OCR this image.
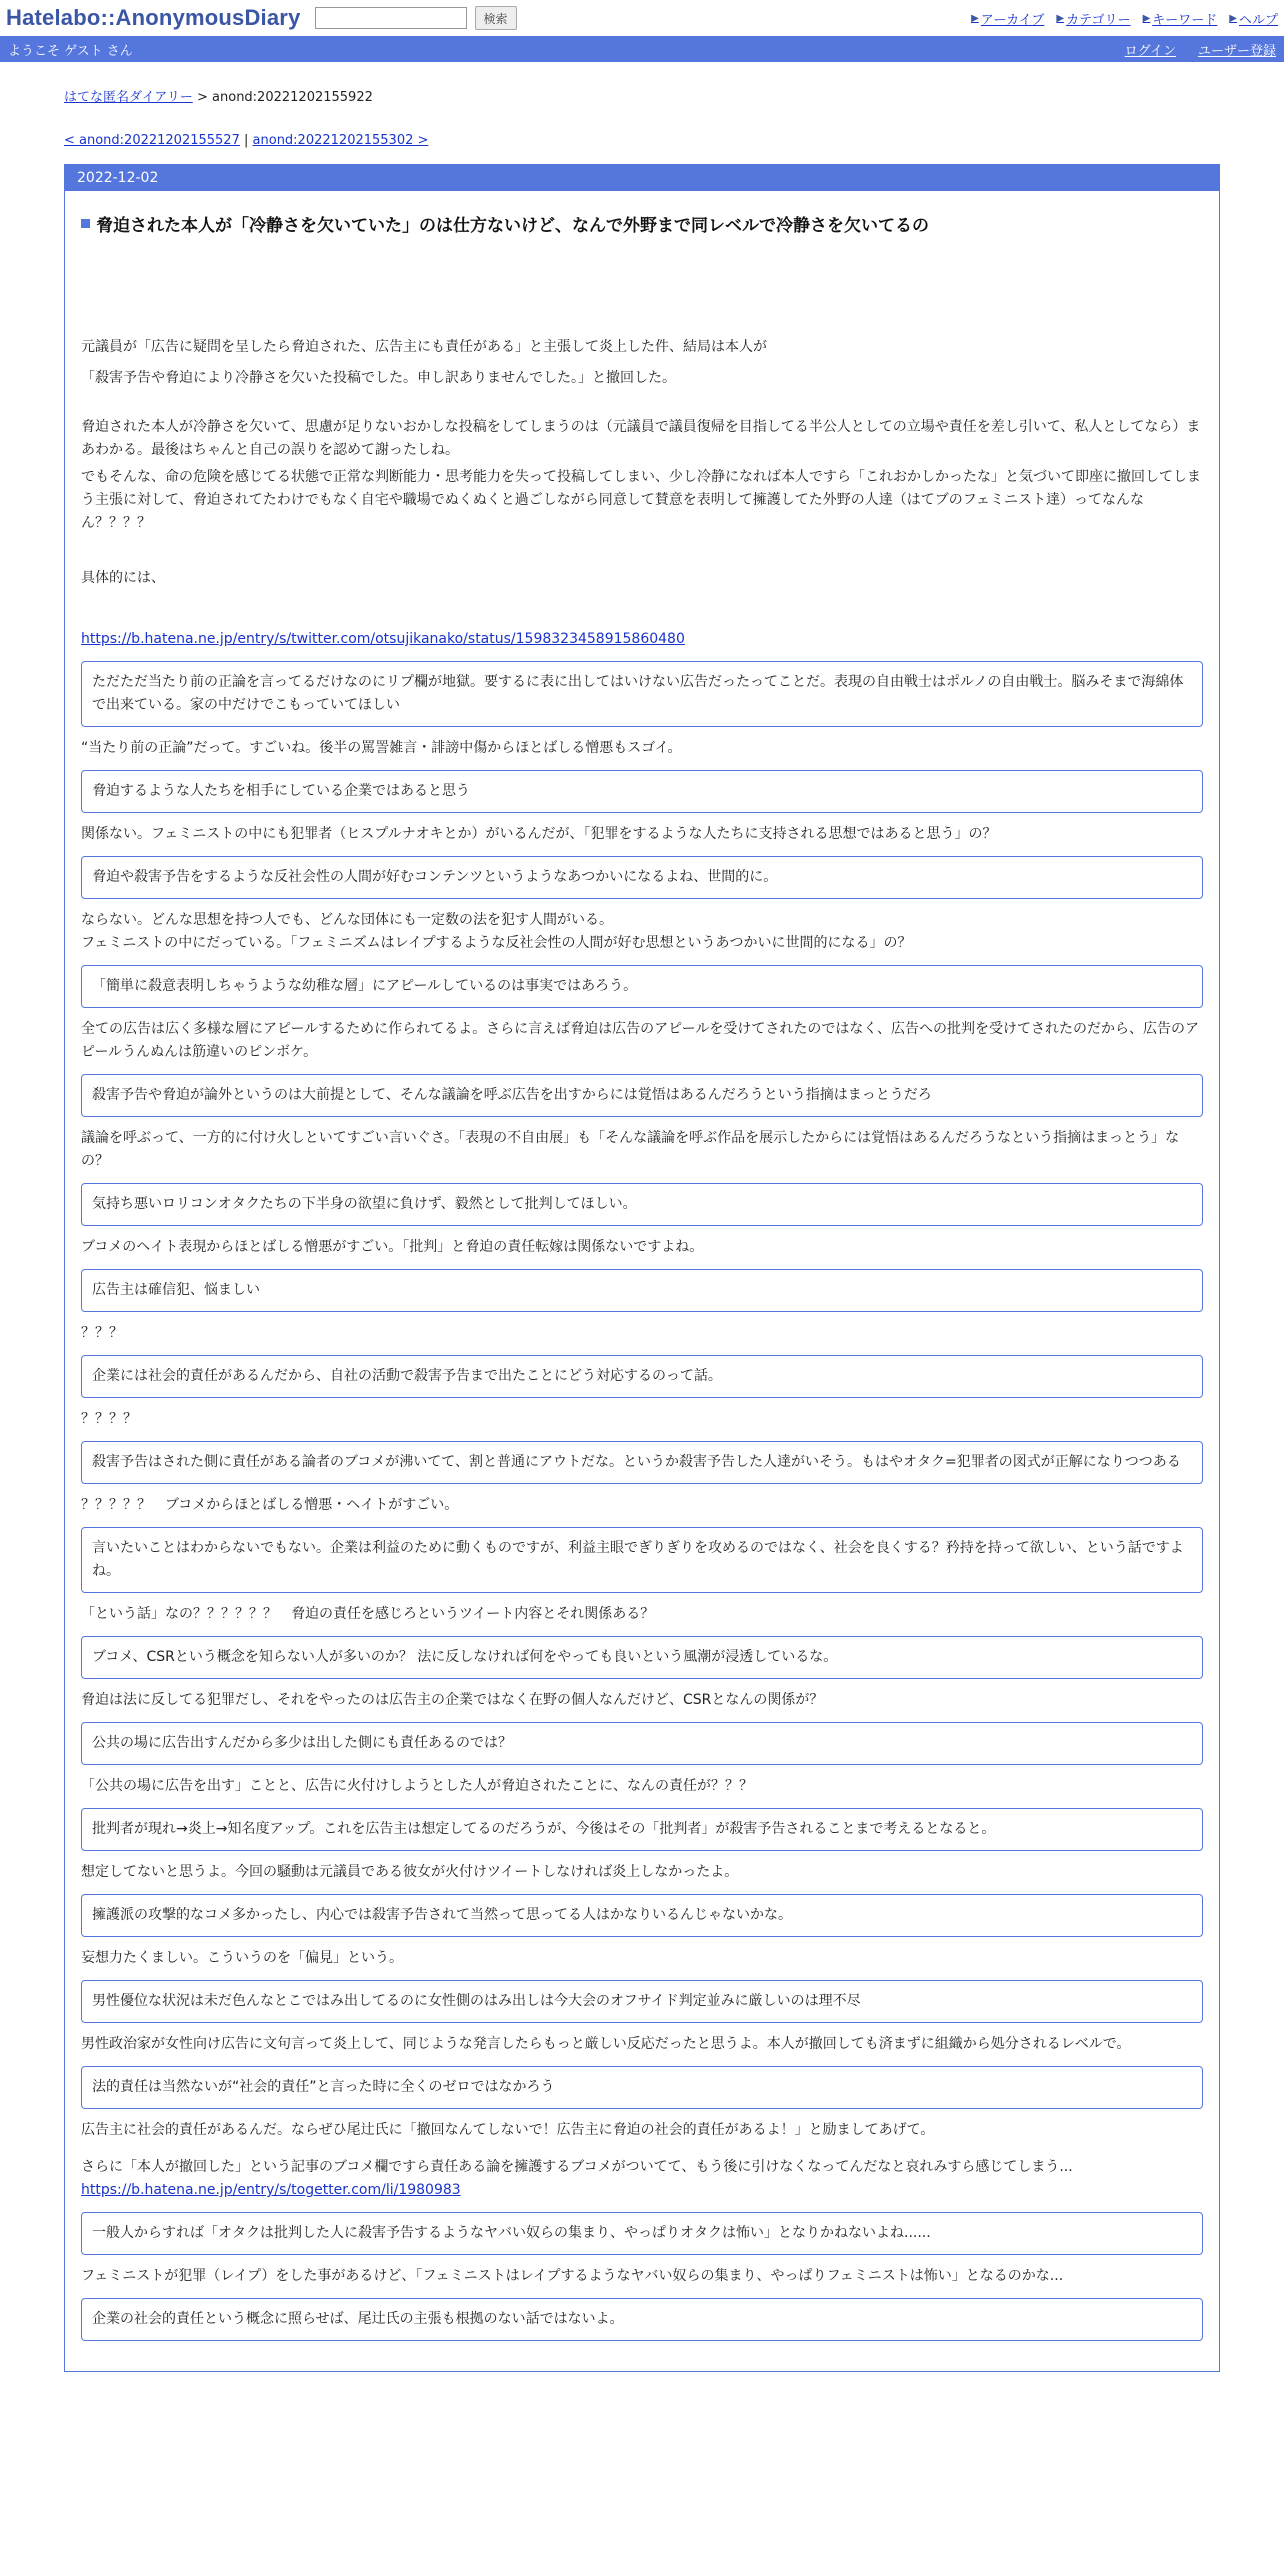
Hatelabo::AnonymousDiary	検索	▶ アーカイブ ▶ カテゴリー ▶ キーワード ▶ ヘルプ
ようこそ ゲスト さん	ログイン ユーザー登録
はてな匿名ダイアリー > anond:20221202155922
< anond:20221202155527 | anond:20221202155302 >
2022-12-02
脅迫された本人が「冷静さを欠いていた」のは仕方ないけど、なんで外野まで同レベルで冷静さを欠いてるの

元議員が「広告に疑問を呈したら脅迫された、広告主にも責任がある」と主張して炎上した件、結局は本人が

「殺害予告や脅迫により冷静さを欠いた投稿でした。申し訳ありませんでした。」と撤回した。

脅迫された本人が冷静さを欠いて、思慮が足りないおかしな投稿をしてしまうのは（元議員で議員復帰を目指してる半公人としての立場や責任を差し引いて、私人としてなら）まあわかる。最後はちゃんと自己の誤りを認めて謝ったしね。

でもそんな、命の危険を感じてる状態で正常な判断能力・思考能力を失って投稿してしまい、少し冷静になれば本人ですら「これおかしかったな」と気づいて即座に撤回してしまう主張に対して、脅迫されてたわけでもなく自宅や職場でぬくぬくと過ごしながら同意して賛意を表明して擁護してた外野の人達（はてブのフェミニスト達）ってなんなん？？？？

具体的には、

https://b.hatena.ne.jp/entry/s/twitter.com/otsujikanako/status/1598323458915860480
ただただ当たり前の正論を言ってるだけなのにリプ欄が地獄。要するに表に出してはいけない広告だったってことだ。表現の自由戦士はポルノの自由戦士。脳みそまで海綿体で出来ている。家の中だけでこもっていてほしい

“当たり前の正論”だって。すごいね。後半の罵詈雑言・誹謗中傷からほとばしる憎悪もスゴイ。

脅迫するような人たちを相手にしている企業ではあると思う

関係ない。フェミニストの中にも犯罪者（ヒスプルナオキとか）がいるんだが、「犯罪をするような人たちに支持される思想ではあると思う」の？

脅迫や殺害予告をするような反社会性の人間が好むコンテンツというようなあつかいになるよね、世間的に。

ならない。どんな思想を持つ人でも、どんな団体にも一定数の法を犯す人間がいる。

フェミニストの中にだっている。「フェミニズムはレイプするような反社会性の人間が好む思想というあつかいに世間的になる」の？

「簡単に殺意表明しちゃうような幼稚な層」にアピールしているのは事実ではあろう。

全ての広告は広く多様な層にアピールするために作られてるよ。さらに言えば脅迫は広告のアピールを受けてされたのではなく、広告への批判を受けてされたのだから、広告のアピールうんぬんは筋違いのピンボケ。

殺害予告や脅迫が論外というのは大前提として、そんな議論を呼ぶ広告を出すからには覚悟はあるんだろうという指摘はまっとうだろ

議論を呼ぶって、一方的に付け火しといてすごい言いぐさ。「表現の不自由展」も「そんな議論を呼ぶ作品を展示したからには覚悟はあるんだろうなという指摘はまっとう」なの？

気持ち悪いロリコンオタクたちの下半身の欲望に負けず、毅然として批判してほしい。

ブコメのヘイト表現からほとばしる憎悪がすごい。「批判」と脅迫の責任転嫁は関係ないですよね。

広告主は確信犯、悩ましい

？？？

企業には社会的責任があるんだから、自社の活動で殺害予告まで出たことにどう対応するのって話。

？？？？

殺害予告はされた側に責任がある論者のブコメが沸いてて、割と普通にアウトだな。というか殺害予告した人達がいそう。もはやオタク=犯罪者の図式が正解になりつつある

？？？？？　ブコメからほとばしる憎悪・ヘイトがすごい。

言いたいことはわからないでもない。企業は利益のために動くものですが、利益主眼でぎりぎりを攻めるのではなく、社会を良くする？矜持を持って欲しい、という話ですよね。

「という話」なの？？？？？？　脅迫の責任を感じろというツイート内容とそれ関係ある？

ブコメ、CSRという概念を知らない人が多いのか？ 法に反しなければ何をやっても良いという風潮が浸透しているな。

脅迫は法に反してる犯罪だし、それをやったのは広告主の企業ではなく在野の個人なんだけど、CSRとなんの関係が？

公共の場に広告出すんだから多少は出した側にも責任あるのでは？

「公共の場に広告を出す」ことと、広告に火付けしようとした人が脅迫されたことに、なんの責任が？？？

批判者が現れ→炎上→知名度アップ。これを広告主は想定してるのだろうが、今後はその「批判者」が殺害予告されることまで考えるとなると。

想定してないと思うよ。今回の騒動は元議員である彼女が火付けツイートしなければ炎上しなかったよ。

擁護派の攻撃的なコメ多かったし、内心では殺害予告されて当然って思ってる人はかなりいるんじゃないかな。

妄想力たくましい。こういうのを「偏見」という。

男性優位な状況は未だ色んなとこではみ出してるのに女性側のはみ出しは今大会のオフサイド判定並みに厳しいのは理不尽

男性政治家が女性向け広告に文句言って炎上して、同じような発言したらもっと厳しい反応だったと思うよ。本人が撤回しても済まずに組織から処分されるレベルで。

法的責任は当然ないが“社会的責任”と言った時に全くのゼロではなかろう

広告主に社会的責任があるんだ。ならぜひ尾辻氏に「撤回なんてしないで！広告主に脅迫の社会的責任があるよ！」と励ましてあげて。

さらに「本人が撤回した」という記事のブコメ欄ですら責任ある論を擁護するブコメがついてて、もう後に引けなくなってんだなと哀れみすら感じてしまう...

https://b.hatena.ne.jp/entry/s/togetter.com/li/1980983
一般人からすれば「オタクは批判した人に殺害予告するようなヤバい奴らの集まり、やっぱりオタクは怖い」となりかねないよね......

フェミニストが犯罪（レイプ）をした事があるけど、「フェミニストはレイプするようなヤバい奴らの集まり、やっぱりフェミニストは怖い」となるのかな...

企業の社会的責任という概念に照らせば、尾辻氏の主張も根拠のない話ではないよ。
